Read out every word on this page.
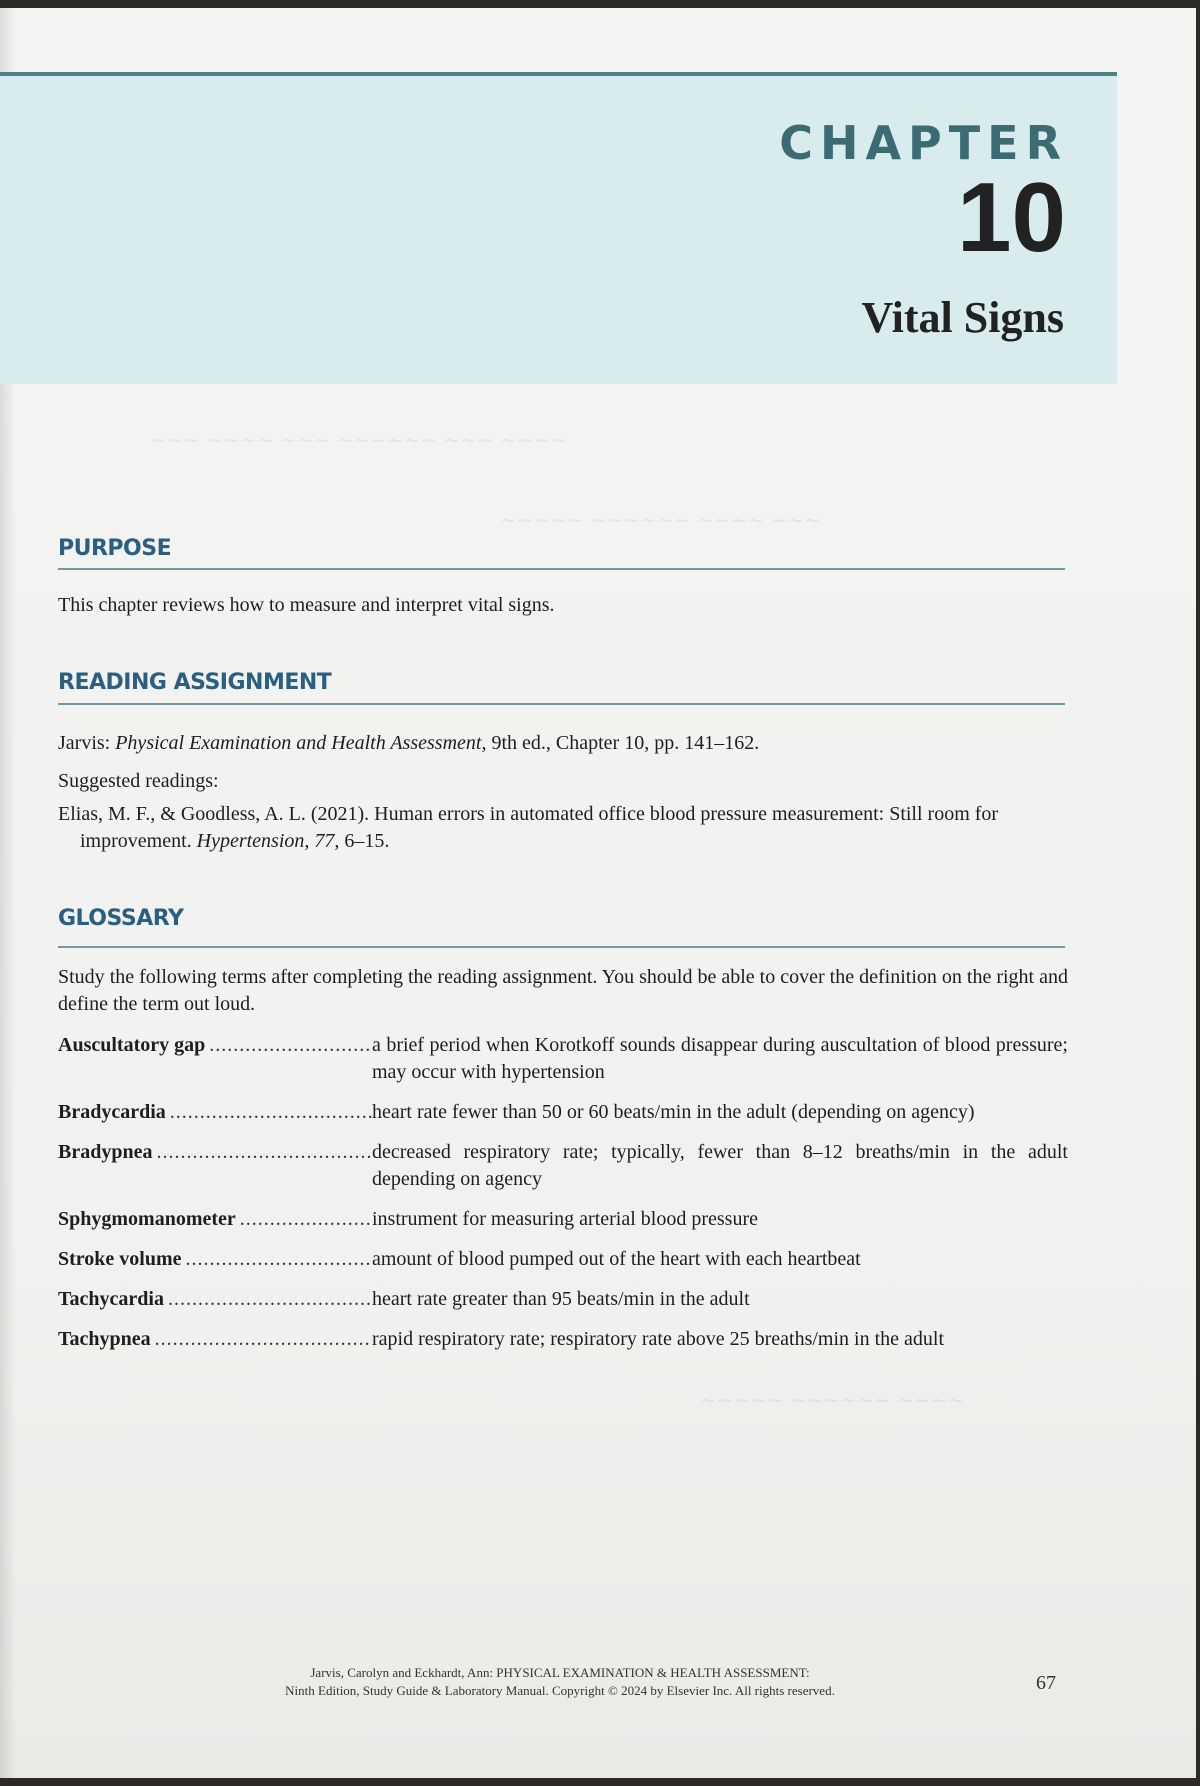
CHAPTER
10
Vital Signs
~~~ ~~~~ ~~~ ~~~~~~ ~~~ ~~~~
~~~~~ ~~~~~~ ~~~~ ~~~
~~~~~ ~~~~~~ ~~~~
PURPOSE
This chapter reviews how to measure and interpret vital signs.
READING ASSIGNMENT
Jarvis: Physical Examination and Health Assessment, 9th ed., Chapter 10, pp. 141–162.
Suggested readings:
Elias, M. F., & Goodless, A. L. (2021). Human errors in automated office blood pressure measurement: Still room for improvement. Hypertension, 77, 6–15.
GLOSSARY
Study the following terms after completing the reading assignment. You should be able to cover the definition on the right and define the term out loud.
Auscultatory gap .....	a brief period when Korotkoff sounds disappear during auscultation of blood pressure; may occur with hypertension
Bradycardia .....	heart rate fewer than 50 or 60 beats/min in the adult (depending on agency)
Bradypnea .....	decreased respiratory rate; typically, fewer than 8–12 breaths/min in the adult depending on agency
Sphygmomanometer .....	instrument for measuring arterial blood pressure
Stroke volume .....	amount of blood pumped out of the heart with each heartbeat
Tachycardia .....	heart rate greater than 95 beats/min in the adult
Tachypnea .....	rapid respiratory rate; respiratory rate above 25 breaths/min in the adult
Jarvis, Carolyn and Eckhardt, Ann: PHYSICAL EXAMINATION & HEALTH ASSESSMENT:
Ninth Edition, Study Guide & Laboratory Manual. Copyright © 2024 by Elsevier Inc. All rights reserved.	67
